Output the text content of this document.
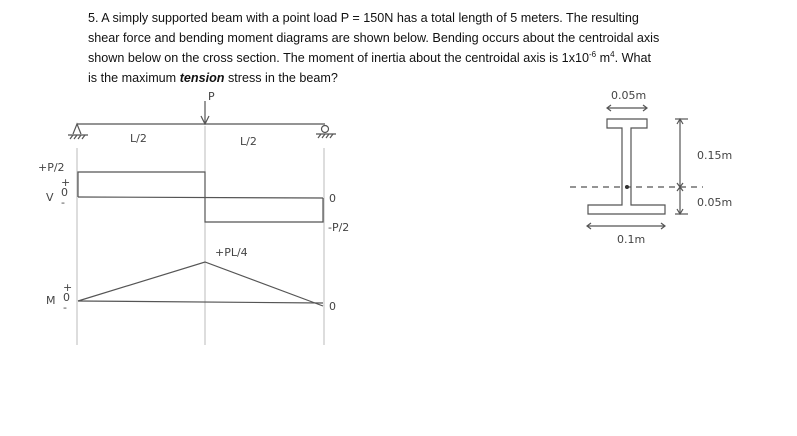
5. A simply supported beam with a point load P = 150N has a total length of 5 meters. The resulting

shear force and bending moment diagrams are shown below. Bending occurs about the centroidal axis

shown below on the cross section. The moment of inertia about the centroidal axis is $1x10^{-6}$ $m^4$. What

is the maximum tension stress in the beam?

P
L/2	L/2
+P/2
V
+
0
-	0
-P/2
+PL/4
M
+
0
-	0
0.05m
0.15m
0.05m
0.1m
